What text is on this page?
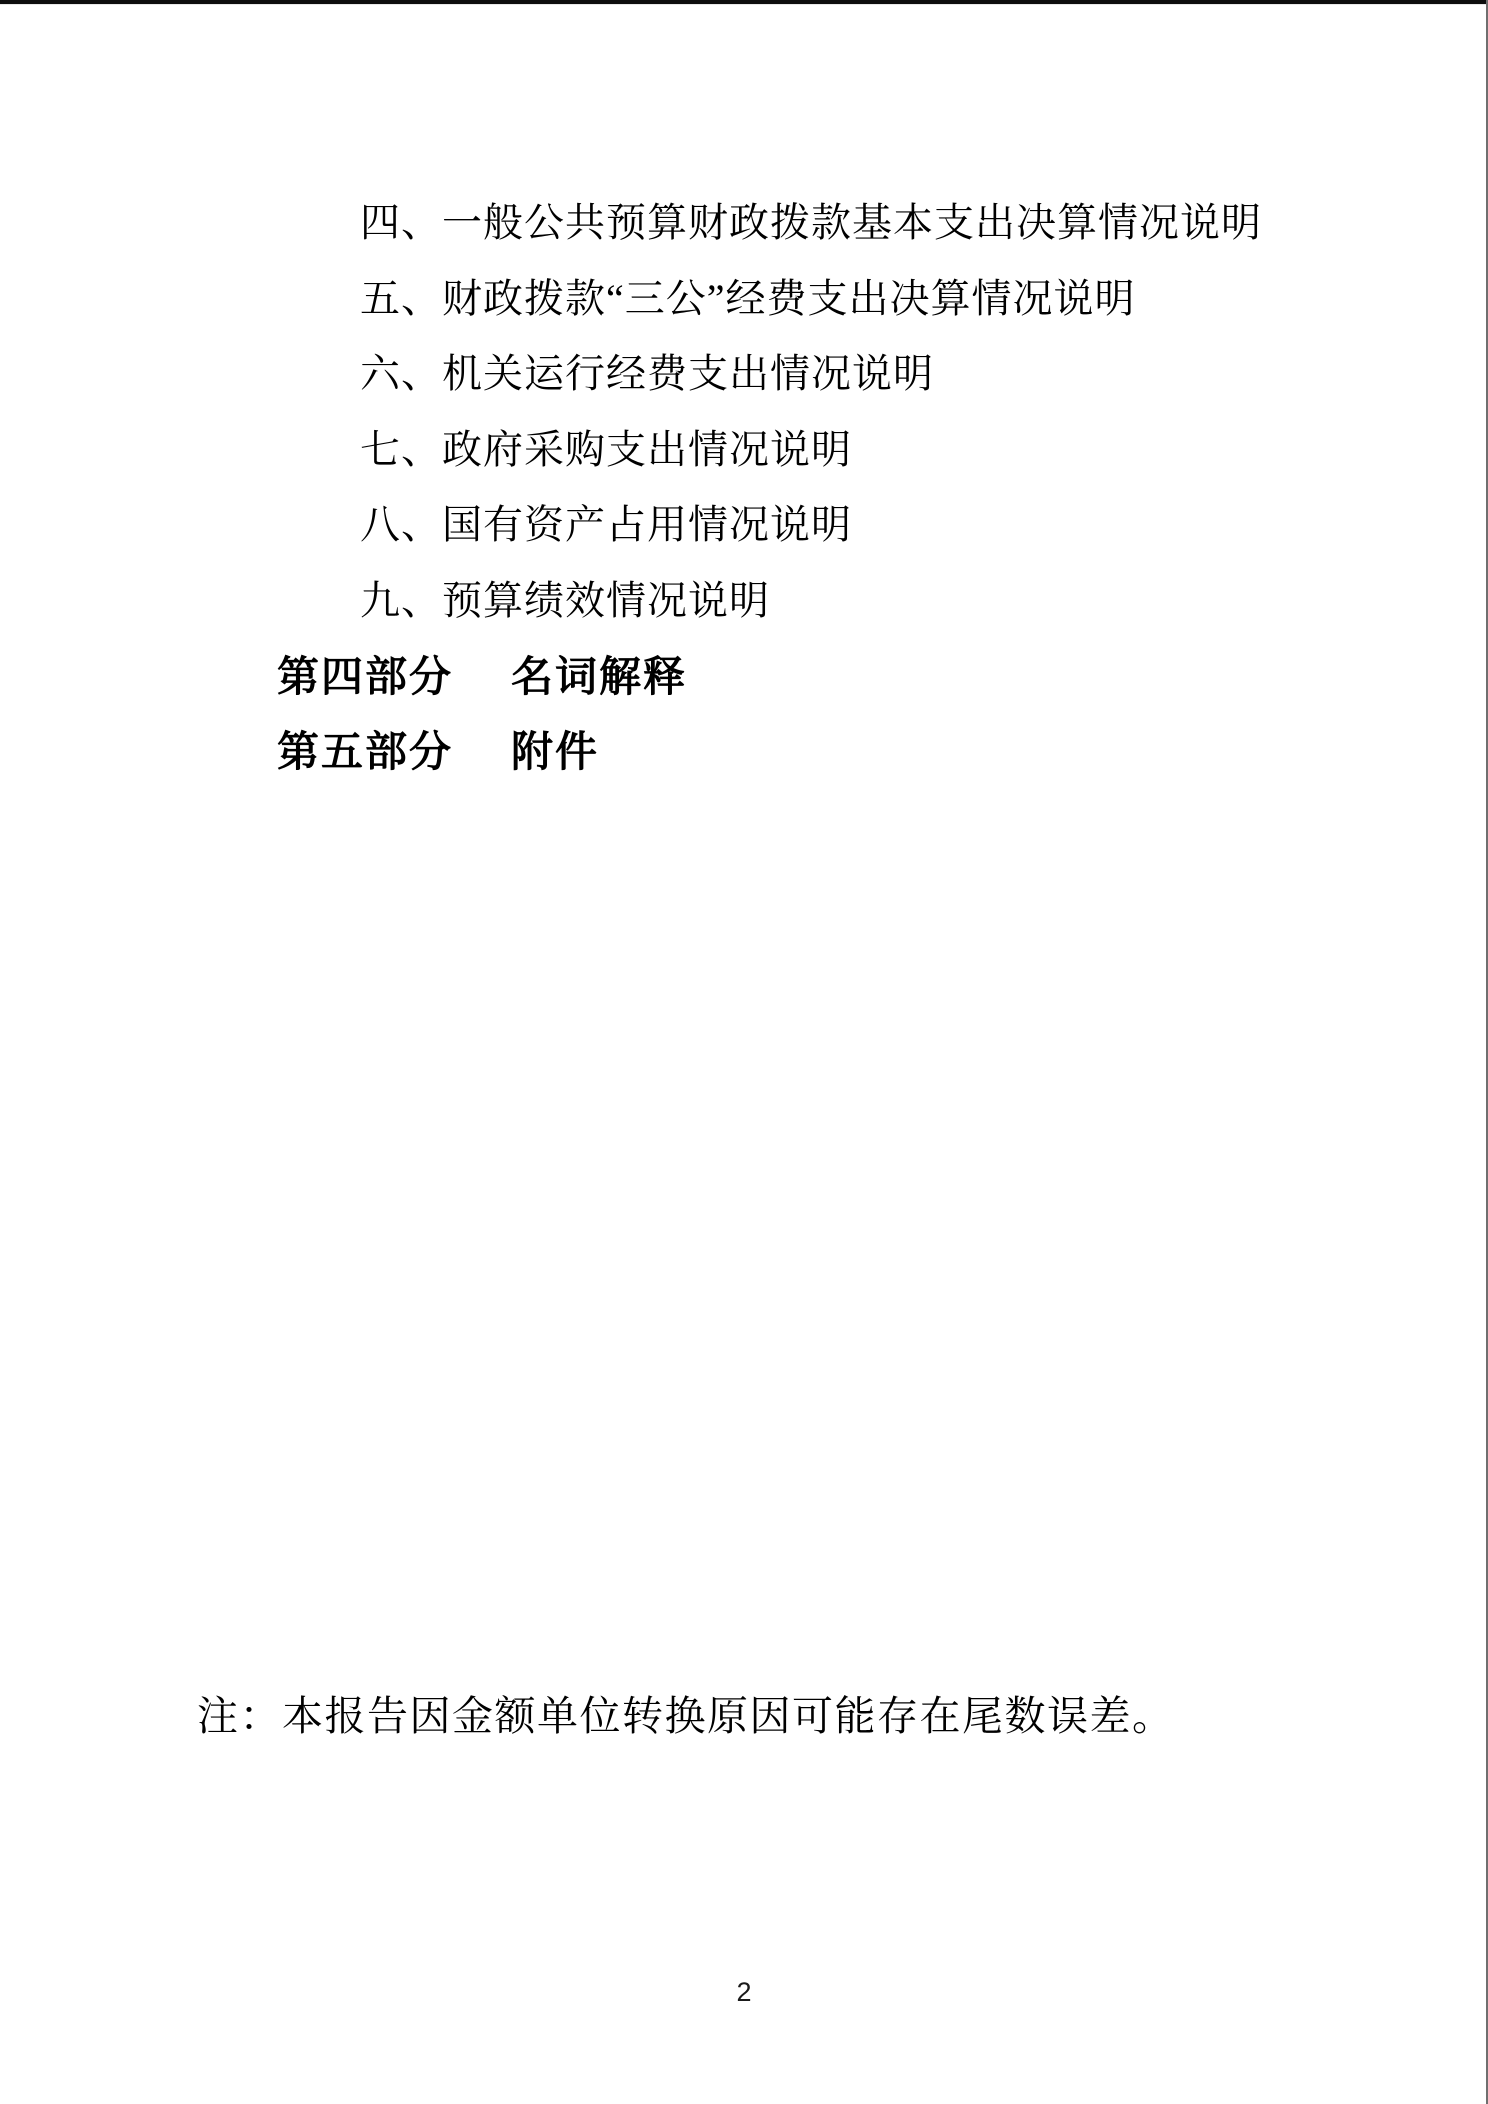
四、一般公共预算财政拨款基本支出决算情况说明
五、财政拨款“三公”经费支出决算情况说明
六、机关运行经费支出情况说明
七、政府采购支出情况说明
八、国有资产占用情况说明
九、预算绩效情况说明
第四部分 名词解释
第五部分 附件
注：本报告因金额单位转换原因可能存在尾数误差。
2
